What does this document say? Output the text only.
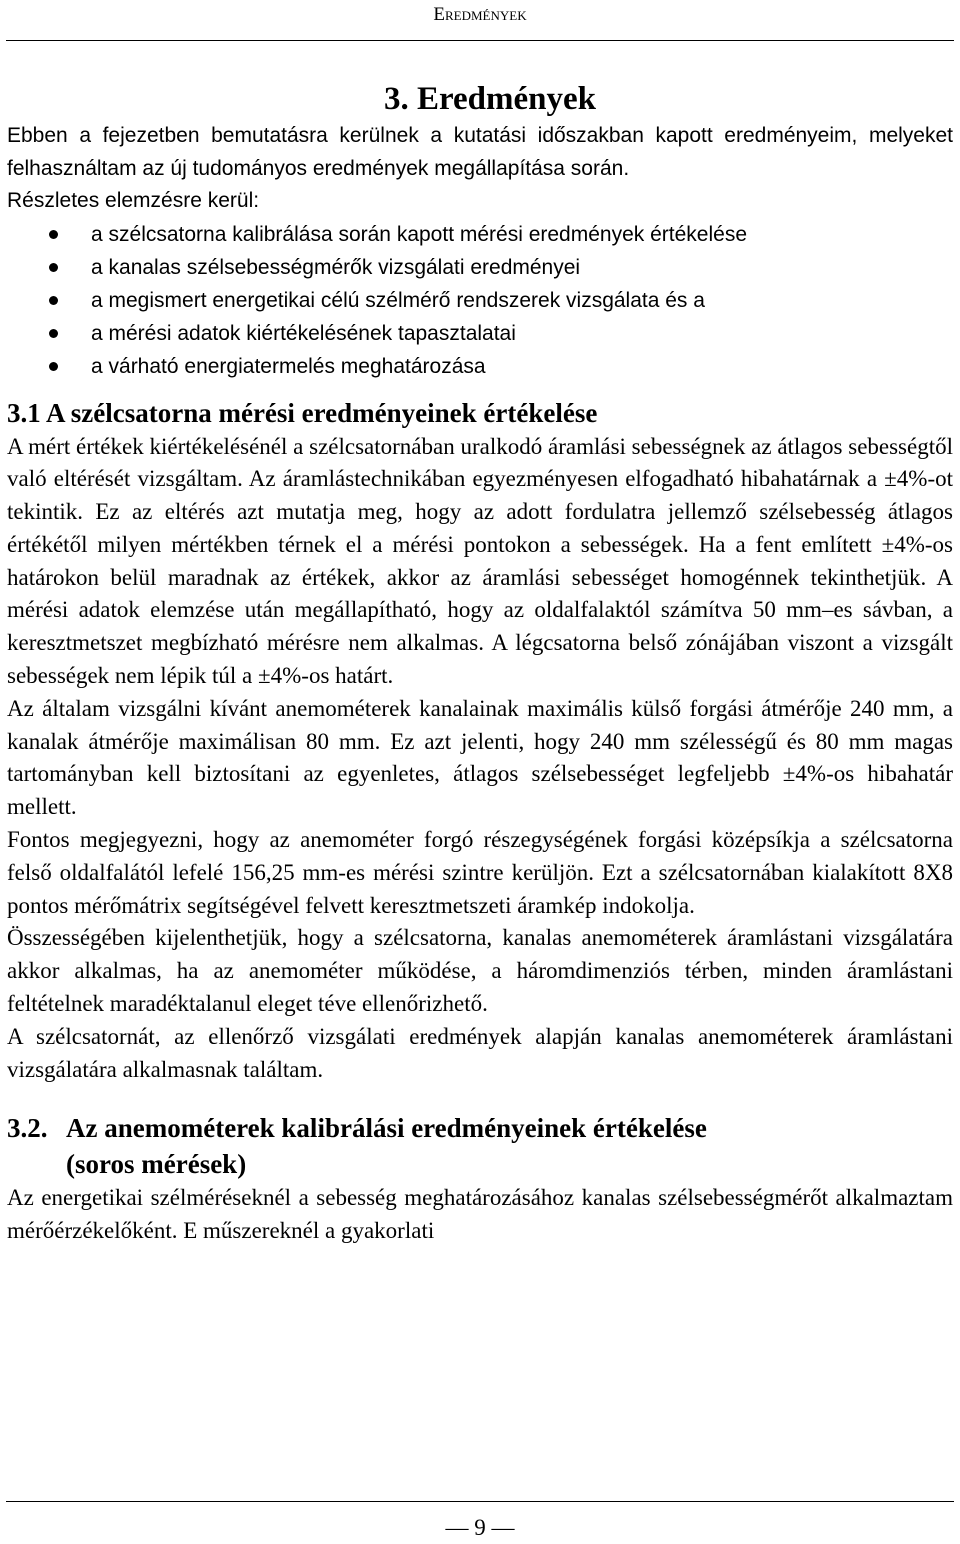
Eredmények
3. Eredmények

Ebben a fejezetben bemutatásra kerülnek a kutatási időszakban kapott eredményeim, melyeket felhasználtam az új tudományos eredmények megállapítása során.

Részletes elemzésre kerül:

a szélcsatorna kalibrálása során kapott mérési eredmények értékelése
a kanalas szélsebességmérők vizsgálati eredményei
a megismert energetikai célú szélmérő rendszerek vizsgálata és a
a mérési adatok kiértékelésének tapasztalatai
a várható energiatermelés meghatározása
3.1 A szélcsatorna mérési eredményeinek értékelése

A mért értékek kiértékelésénél a szélcsatornában uralkodó áramlási sebességnek az átlagos sebességtől való eltérését vizsgáltam. Az áramlástechnikában egyezményesen elfogadható hibahatárnak a ±4%-ot tekintik. Ez az eltérés azt mutatja meg, hogy az adott fordulatra jellemző szélsebesség átlagos értékétől milyen mértékben térnek el a mérési pontokon a sebességek. Ha a fent említett ±4%-os határokon belül maradnak az értékek, akkor az áramlási sebességet homogénnek tekinthetjük. A mérési adatok elemzése után megállapítható, hogy az oldalfalaktól számítva 50 mm–es sávban, a keresztmetszet megbízható mérésre nem alkalmas. A légcsatorna belső zónájában viszont a vizsgált sebességek nem lépik túl a ±4%-os határt.

Az általam vizsgálni kívánt anemométerek kanalainak maximális külső forgási átmérője 240 mm, a kanalak átmérője maximálisan 80 mm. Ez azt jelenti, hogy 240 mm szélességű és 80 mm magas tartományban kell biztosítani az egyenletes, átlagos szélsebességet legfeljebb ±4%-os hibahatár mellett.

Fontos megjegyezni, hogy az anemométer forgó részegységének forgási középsíkja a szélcsatorna felső oldalfalától lefelé 156,25 mm-es mérési szintre kerüljön. Ezt a szélcsatornában kialakított 8X8 pontos mérőmátrix segítségével felvett keresztmetszeti áramkép indokolja.

Összességében kijelenthetjük, hogy a szélcsatorna, kanalas anemométerek áramlástani vizsgálatára akkor alkalmas, ha az anemométer működése, a háromdimenziós térben, minden áramlástani feltételnek maradéktalanul eleget téve ellenőrizhető.

A szélcsatornát, az ellenőrző vizsgálati eredmények alapján kanalas anemométerek áramlástani vizsgálatára alkalmasnak találtam.

3.2. Az anemométerek kalibrálási eredményeinek értékelése
(soros mérések)

Az energetikai szélméréseknél a sebesség meghatározásához kanalas szélsebességmérőt alkalmaztam mérőérzékelőként. E műszereknél a gyakorlati

— 9 —
